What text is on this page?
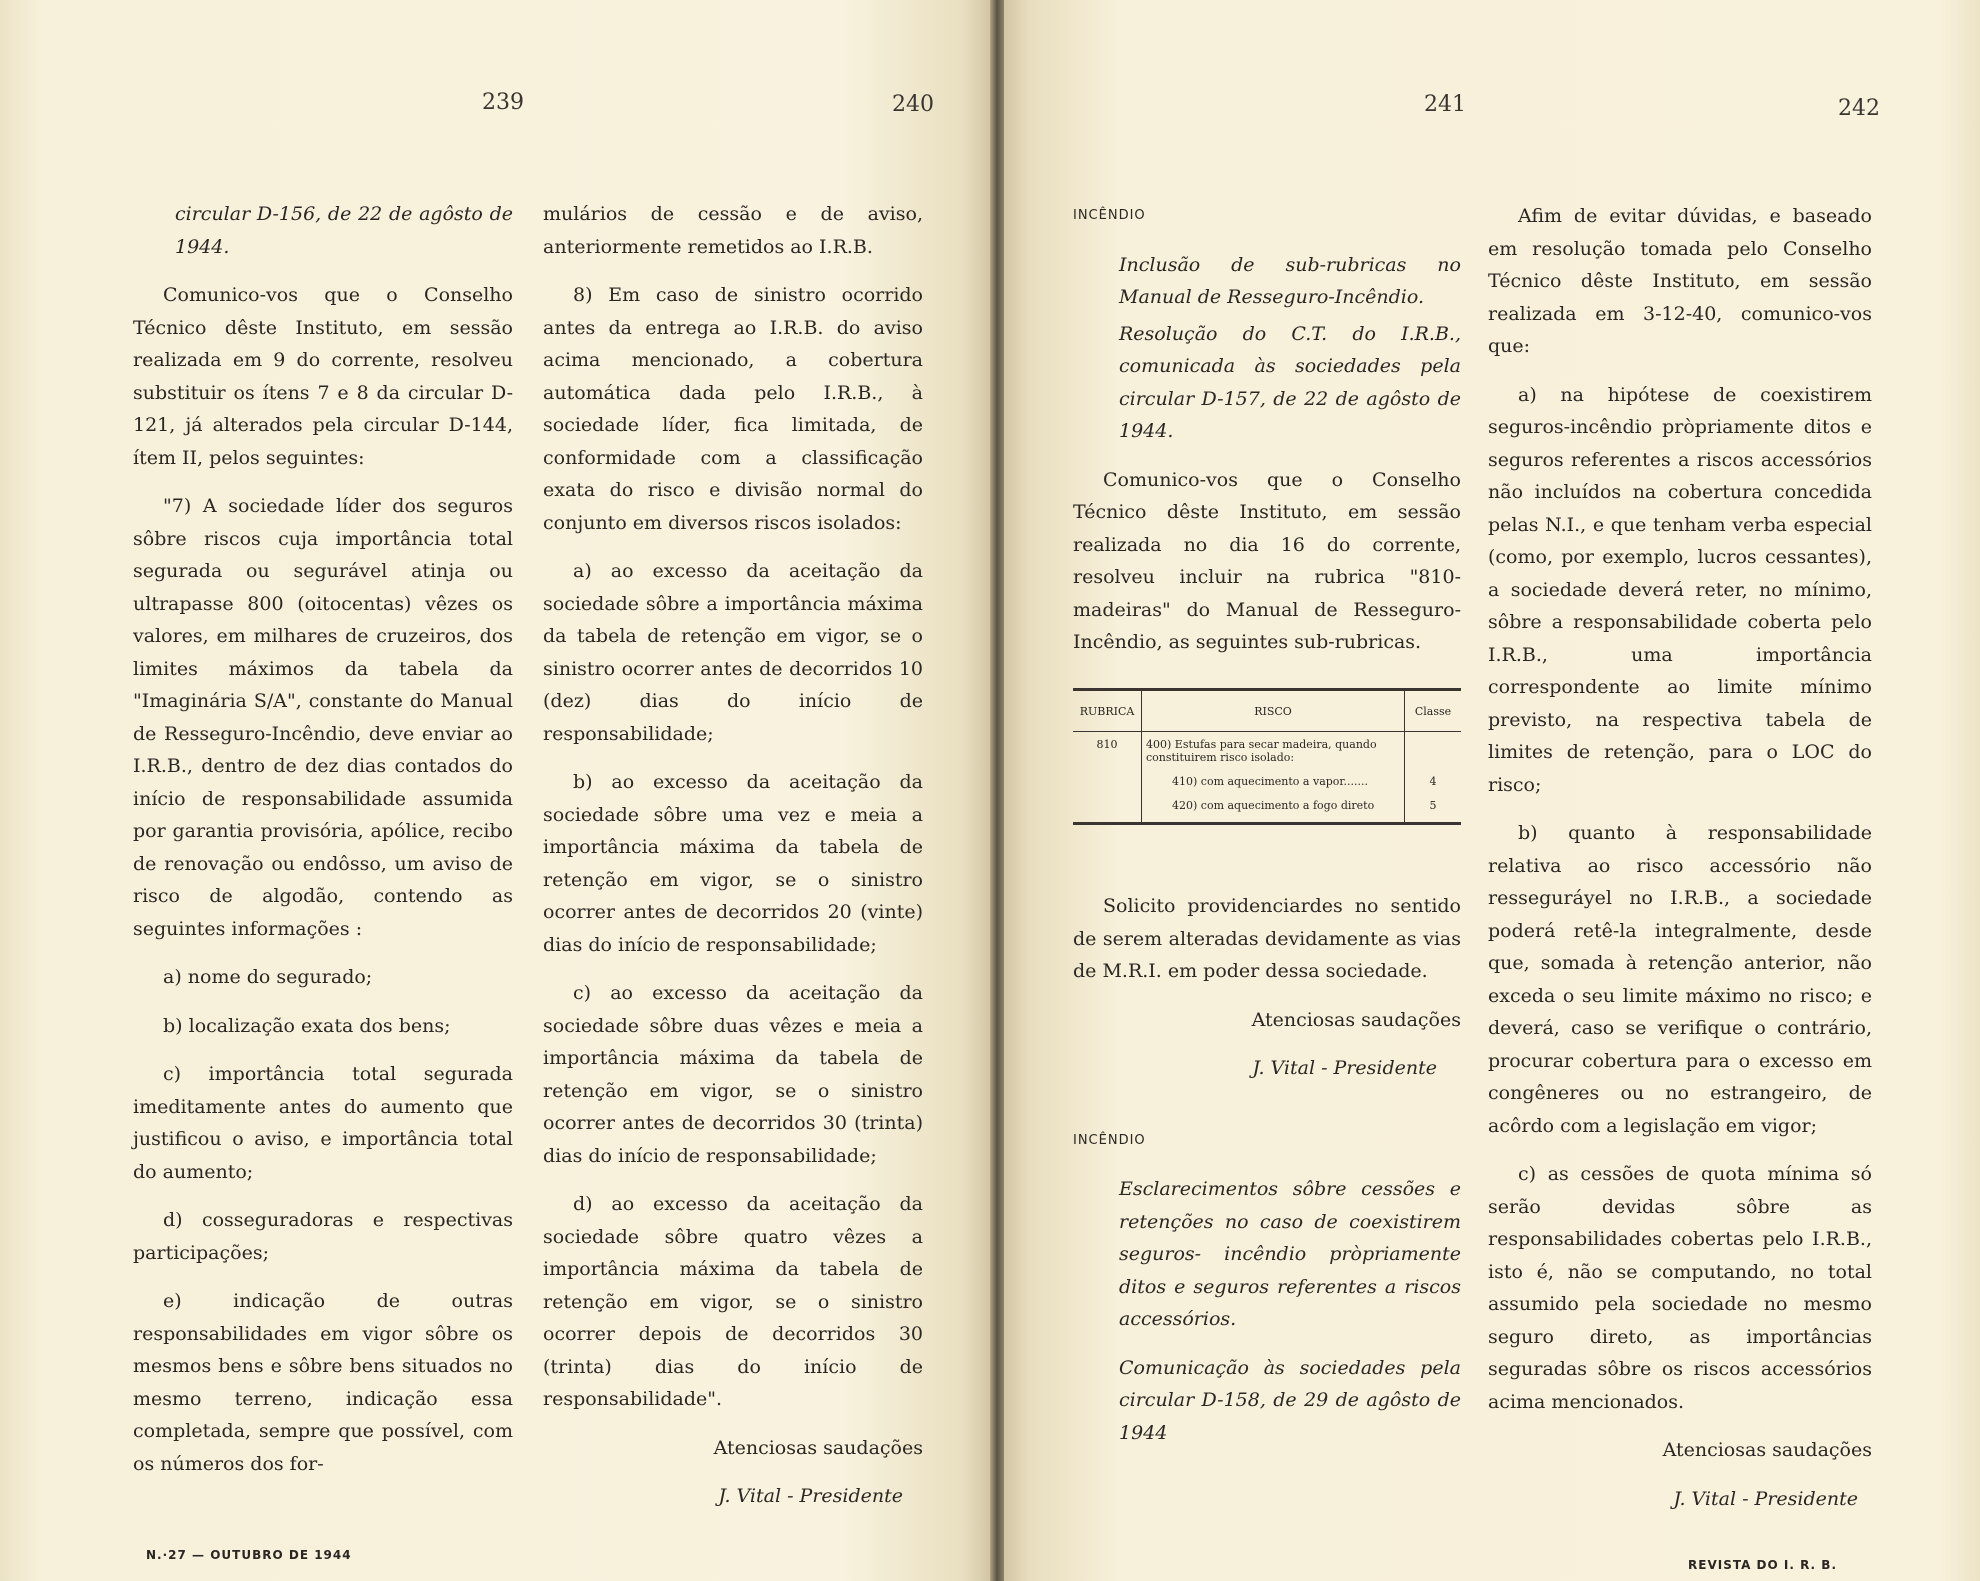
239	240	241	242

circular D-156, de 22 de agôsto de 1944.

Comunico-vos que o Conselho Técnico dêste Instituto, em sessão realizada em 9 do corrente, resolveu substituir os ítens 7 e 8 da circular D-121, já alterados pela circular D-144, ítem II, pelos seguintes:

"7) A sociedade líder dos seguros sôbre riscos cuja importância total segurada ou segurável atinja ou ultrapasse 800 (oitocentas) vêzes os valores, em milhares de cruzeiros, dos limites máximos da tabela da "Imaginária S/A", constante do Manual de Resseguro-Incêndio, deve enviar ao I.R.B., dentro de dez dias contados do início de responsabilidade assumida por garantia provisória, apólice, recibo de renovação ou endôsso, um aviso de risco de algodão, contendo as seguintes informações :

a) nome do segurado;

b) localização exata dos bens;

c) importância total segurada imeditamente antes do aumento que justificou o aviso, e importância total do aumento;

d) cosseguradoras e respectivas participações;

e) indicação de outras responsabilidades em vigor sôbre os mesmos bens e sôbre bens situados no mesmo terreno, indicação essa completada, sempre que possível, com os números dos for-

mulários de cessão e de aviso, anteriormente remetidos ao I.R.B.

8) Em caso de sinistro ocorrido antes da entrega ao I.R.B. do aviso acima mencionado, a cobertura automática dada pelo I.R.B., à sociedade líder, fica limitada, de conformidade com a classificação exata do risco e divisão normal do conjunto em diversos riscos isolados:

a) ao excesso da aceitação da sociedade sôbre a importância máxima da tabela de retenção em vigor, se o sinistro ocorrer antes de decorridos 10 (dez) dias do início de responsabilidade;

b) ao excesso da aceitação da sociedade sôbre uma vez e meia a importância máxima da tabela de retenção em vigor, se o sinistro ocorrer antes de decorridos 20 (vinte) dias do início de responsabilidade;

c) ao excesso da aceitação da sociedade sôbre duas vêzes e meia a importância máxima da tabela de retenção em vigor, se o sinistro ocorrer antes de decorridos 30 (trinta) dias do início de responsabilidade;

d) ao excesso da aceitação da sociedade sôbre quatro vêzes a importância máxima da tabela de retenção em vigor, se o sinistro ocorrer depois de decorridos 30 (trinta) dias do início de responsabilidade".

Atenciosas saudações

J. Vital - Presidente

INCÊNDIO

Inclusão de sub-rubricas no Manual de Resseguro-Incêndio.

Resolução do C.T. do I.R.B., comunicada às sociedades pela circular D-157, de 22 de agôsto de 1944.

Comunico-vos que o Conselho Técnico dêste Instituto, em sessão realizada no dia 16 do corrente, resolveu incluir na rubrica "810-madeiras" do Manual de Resseguro-Incêndio, as seguintes sub-rubricas.

RUBRICA	RISCO	Classe
810	400) Estufas para secar madeira, quando constituirem risco isolado:	
	410) com aquecimento a vapor.......	4
	420) com aquecimento a fogo direto	5

Solicito providenciardes no sentido de serem alteradas devidamente as vias de M.R.I. em poder dessa sociedade.

Atenciosas saudações

J. Vital - Presidente

INCÊNDIO

Esclarecimentos sôbre cessões e retenções no caso de coexistirem seguros- incêndio pròpriamente ditos e seguros referentes a riscos accessórios.

Comunicação às sociedades pela circular D-158, de 29 de agôsto de 1944

Afim de evitar dúvidas, e baseado em resolução tomada pelo Conselho Técnico dêste Instituto, em sessão realizada em 3-12-40, comunico-vos que:

a) na hipótese de coexistirem seguros-incêndio pròpriamente ditos e seguros referentes a riscos accessórios não incluídos na cobertura concedida pelas N.I., e que tenham verba especial (como, por exemplo, lucros cessantes), a sociedade deverá reter, no mínimo, sôbre a responsabilidade coberta pelo I.R.B., uma importância correspondente ao limite mínimo previsto, na respectiva tabela de limites de retenção, para o LOC do risco;

b) quanto à responsabilidade relativa ao risco accessório não resseguráyel no I.R.B., a sociedade poderá retê-la integralmente, desde que, somada à retenção anterior, não exceda o seu limite máximo no risco; e deverá, caso se verifique o contrário, procurar cobertura para o excesso em congêneres ou no estrangeiro, de acôrdo com a legislação em vigor;

c) as cessões de quota mínima só serão devidas sôbre as responsabilidades cobertas pelo I.R.B., isto é, não se computando, no total assumido pela sociedade no mesmo seguro direto, as importâncias seguradas sôbre os riscos accessórios acima mencionados.

Atenciosas saudações

J. Vital - Presidente

N.·27 — OUTUBRO DE 1944
REVISTA DO I. R. B.
